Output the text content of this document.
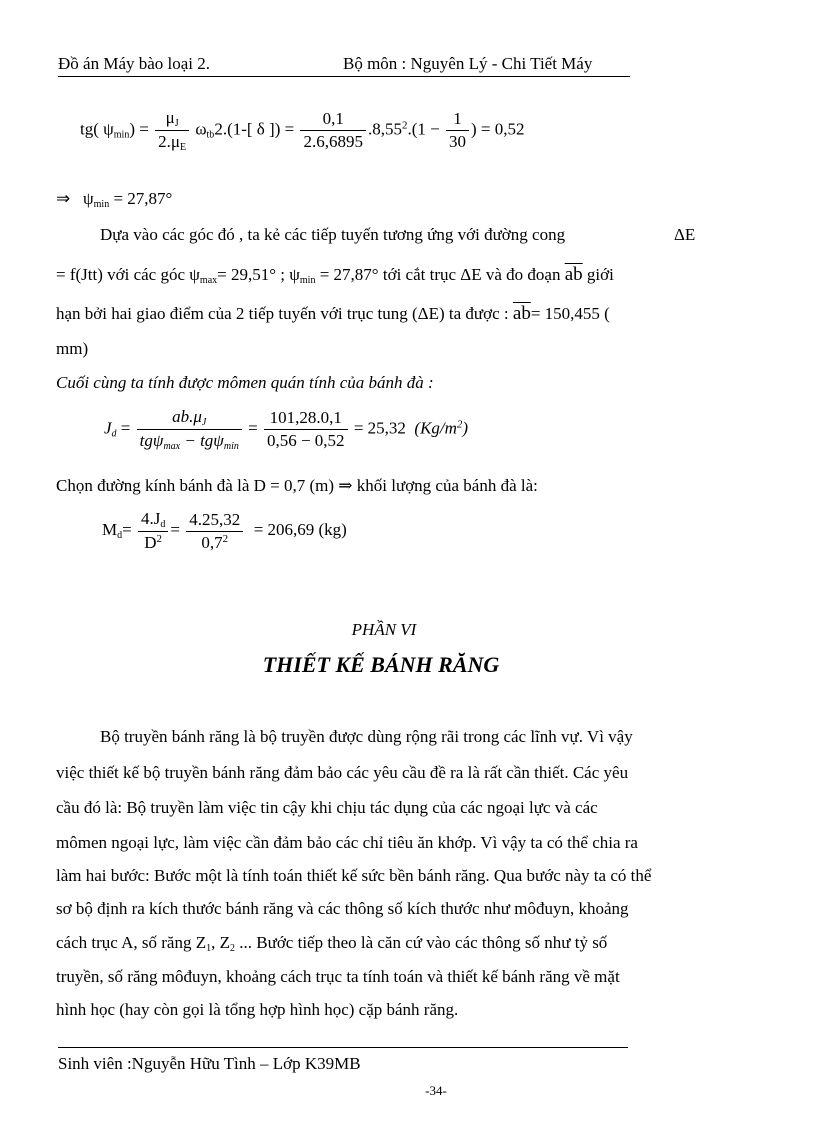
Đồ án Máy bào loại 2.	Bộ môn : Nguyên Lý - Chi Tiết Máy
tg( $\psi_{min}) = \frac{\mu_J}{2.\mu_E} \omega_{tb}2.(1-$[ δ ]) = $\frac{0,1}{2.6,6895} .8,55^2.(1 - \frac{1}{30}$ ) = 0,52
⇒ $\psi_{min} = 27,87^\circ$
Dựa vào các góc đó , ta kẻ các tiếp tuyến tương ứng với đường cong	ΔE
= f(Jtt) với các góc $\psi_{max}= 29,51^\circ$ ; $\psi_{min} = 27,87^\circ$ tới cắt trục ΔE và đo đoạn $\overline{ab}$ giới
hạn bởi hai giao điểm của 2 tiếp tuyến với trục tung (ΔE) ta được : $\overline{ab}= 150,455$ (
mm)
Cuối cùng ta tính được mômen quán tính của bánh đà :
$J_d = \frac{ab.\mu_J}{tg\psi_{max} - tg\psi_{min}} = \frac{101,28.0,1}{0,56 - 0,52} = 25,32$ $(Kg/m^2)$
Chọn đường kính bánh đà là D = 0,7 (m) ⇒ khối lượng của bánh đà là:
$M_d= \frac{4.J_d}{D^2} = \frac{4.25,32}{0,7^2} = 206,69$ (kg)
PHẦN VI
THIẾT KẾ BÁNH RĂNG
Bộ truyền bánh răng là bộ truyền được dùng rộng rãi trong các lĩnh vự. Vì vậy
việc thiết kế bộ truyền bánh răng đảm bảo các yêu cầu đề ra là rất cần thiết. Các yêu
cầu đó là: Bộ truyền làm việc tin cậy khi chịu tác dụng của các ngoại lực và các
mômen ngoại lực, làm việc cần đảm bảo các chỉ tiêu ăn khớp. Vì vậy ta có thể chia ra
làm hai bước: Bước một là tính toán thiết kế sức bền bánh răng. Qua bước này ta có thể
sơ bộ định ra kích thước bánh răng và các thông số kích thước như môđuyn, khoảng
cách trục A, số răng $Z_1$, $Z_2$ ... Bước tiếp theo là căn cứ vào các thông số như tỷ số
truyền, số răng môđuyn, khoảng cách trục ta tính toán và thiết kế bánh răng về mặt
hình học (hay còn gọi là tổng hợp hình học) cặp bánh răng.
Sinh viên :Nguyễn Hữu Tình – Lớp K39MB
-34-
